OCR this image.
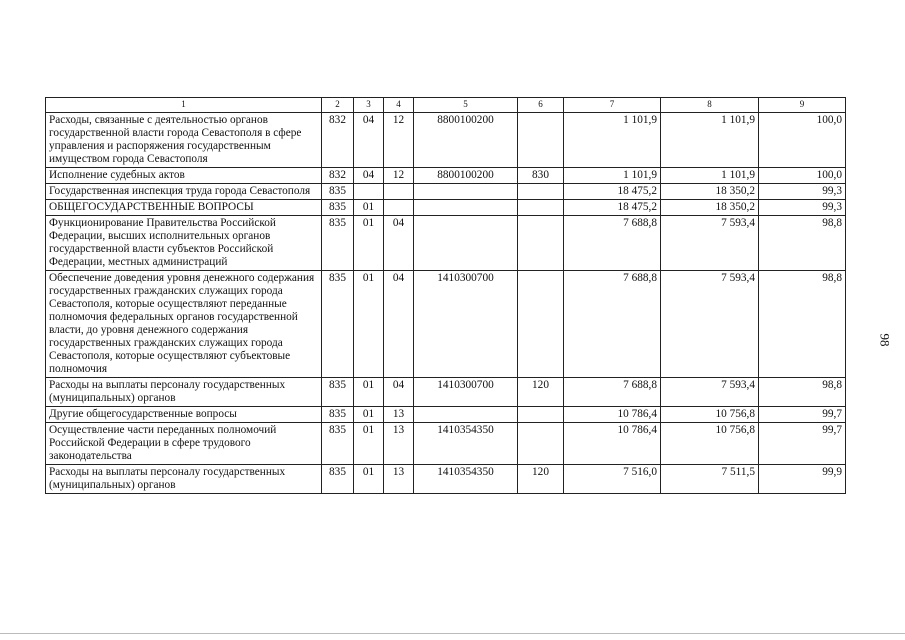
1	2	3	4	5	6	7	8	9
Расходы, связанные с деятельностью органов государственной власти города Севастополя в сфере управления и распоряжения государственным имуществом города Севастополя	832	04	12	8800100200		1 101,9	1 101,9	100,0
Исполнение судебных актов	832	04	12	8800100200	830	1 101,9	1 101,9	100,0
Государственная инспекция труда города Севастополя	835					18 475,2	18 350,2	99,3
ОБЩЕГОСУДАРСТВЕННЫЕ ВОПРОСЫ	835	01				18 475,2	18 350,2	99,3
Функционирование Правительства Российской Федерации, высших исполнительных органов государственной власти субъектов Российской Федерации, местных администраций	835	01	04			7 688,8	7 593,4	98,8
Обеспечение доведения уровня денежного содержания государственных гражданских служащих города Севастополя, которые осуществляют переданные полномочия федеральных органов государственной власти, до уровня денежного содержания государственных гражданских служащих города Севастополя, которые осуществляют субъектовые полномочия	835	01	04	1410300700		7 688,8	7 593,4	98,8
Расходы на выплаты персоналу государственных (муниципальных) органов	835	01	04	1410300700	120	7 688,8	7 593,4	98,8
Другие общегосударственные вопросы	835	01	13			10 786,4	10 756,8	99,7
Осуществление части переданных полномочий Российской Федерации в сфере трудового законодательства	835	01	13	1410354350		10 786,4	10 756,8	99,7
Расходы на выплаты персоналу государственных (муниципальных) органов	835	01	13	1410354350	120	7 516,0	7 511,5	99,9
98
